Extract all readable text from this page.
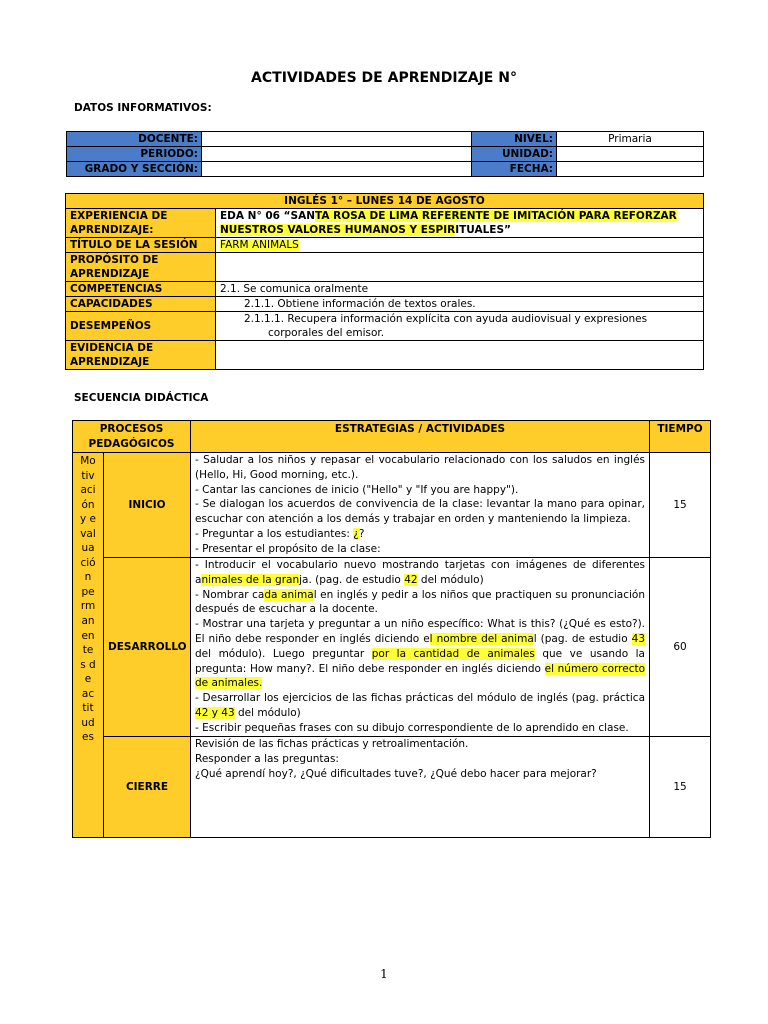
ACTIVIDADES DE APRENDIZAJE N°
DATOS INFORMATIVOS:
DOCENTE:		NIVEL:	Primaria
PERIODO:		UNIDAD:	
GRADO Y SECCIÓN:		FECHA:	
INGLÉS 1° – LUNES 14 DE AGOSTO	
EXPERIENCIA DE APRENDIZAJE:	EDA N° 06 “SANTA ROSA DE LIMA REFERENTE DE IMITACIÓN PARA REFORZAR NUESTROS VALORES HUMANOS Y ESPIRITUALES”
TÍTULO DE LA SESIÓN	FARM ANIMALS
PROPÓSITO DE APRENDIZAJE	
COMPETENCIAS	2.1. Se comunica oralmente
CAPACIDADES	2.1.1. Obtiene información de textos orales.
DESEMPEÑOS	2.1.1.1. Recupera información explícita con ayuda audiovisual y expresiones
corporales del emisor.

EVIDENCIA DE APRENDIZAJE	
SECUENCIA DIDÁCTICA
PROCESOS PEDAGÓGICOS		ESTRATEGIAS / ACTIVIDADES	TIEMPO

Motivación y evaluación permanentes de actitudes	INICIO	- Saludar a los niños y repasar el vocabulario relacionado con los saludos en inglés (Hello, Hi, Good morning, etc.).
- Cantar las canciones de inicio ("Hello" y "If you are happy").
- Se dialogan los acuerdos de convivencia de la clase: levantar la mano para opinar, escuchar con atención a los demás y trabajar en orden y manteniendo la limpieza.
- Preguntar a los estudiantes: ¿?
- Presentar el propósito de la clase:	15
	DESARROLLO	- Introducir el vocabulario nuevo mostrando tarjetas con imágenes de diferentes animales de la granja. (pag. de estudio 42 del módulo)
- Nombrar cada animal en inglés y pedir a los niños que practiquen su pronunciación después de escuchar a la docente.
- Mostrar una tarjeta y preguntar a un niño específico: What is this? (¿Qué es esto?). El niño debe responder en inglés diciendo el nombre del animal (pag. de estudio 43 del módulo). Luego preguntar por la cantidad de animales que ve usando la pregunta: How many?. El niño debe responder en inglés diciendo el número correcto de animales.
- Desarrollar los ejercicios de las fichas prácticas del módulo de inglés (pag. práctica 42 y 43 del módulo)
- Escribir pequeñas frases con su dibujo correspondiente de lo aprendido en clase.	60
	CIERRE	Revisión de las fichas prácticas y retroalimentación.
Responder a las preguntas:
¿Qué aprendí hoy?, ¿Qué dificultades tuve?, ¿Qué debo hacer para mejorar?	15
1
